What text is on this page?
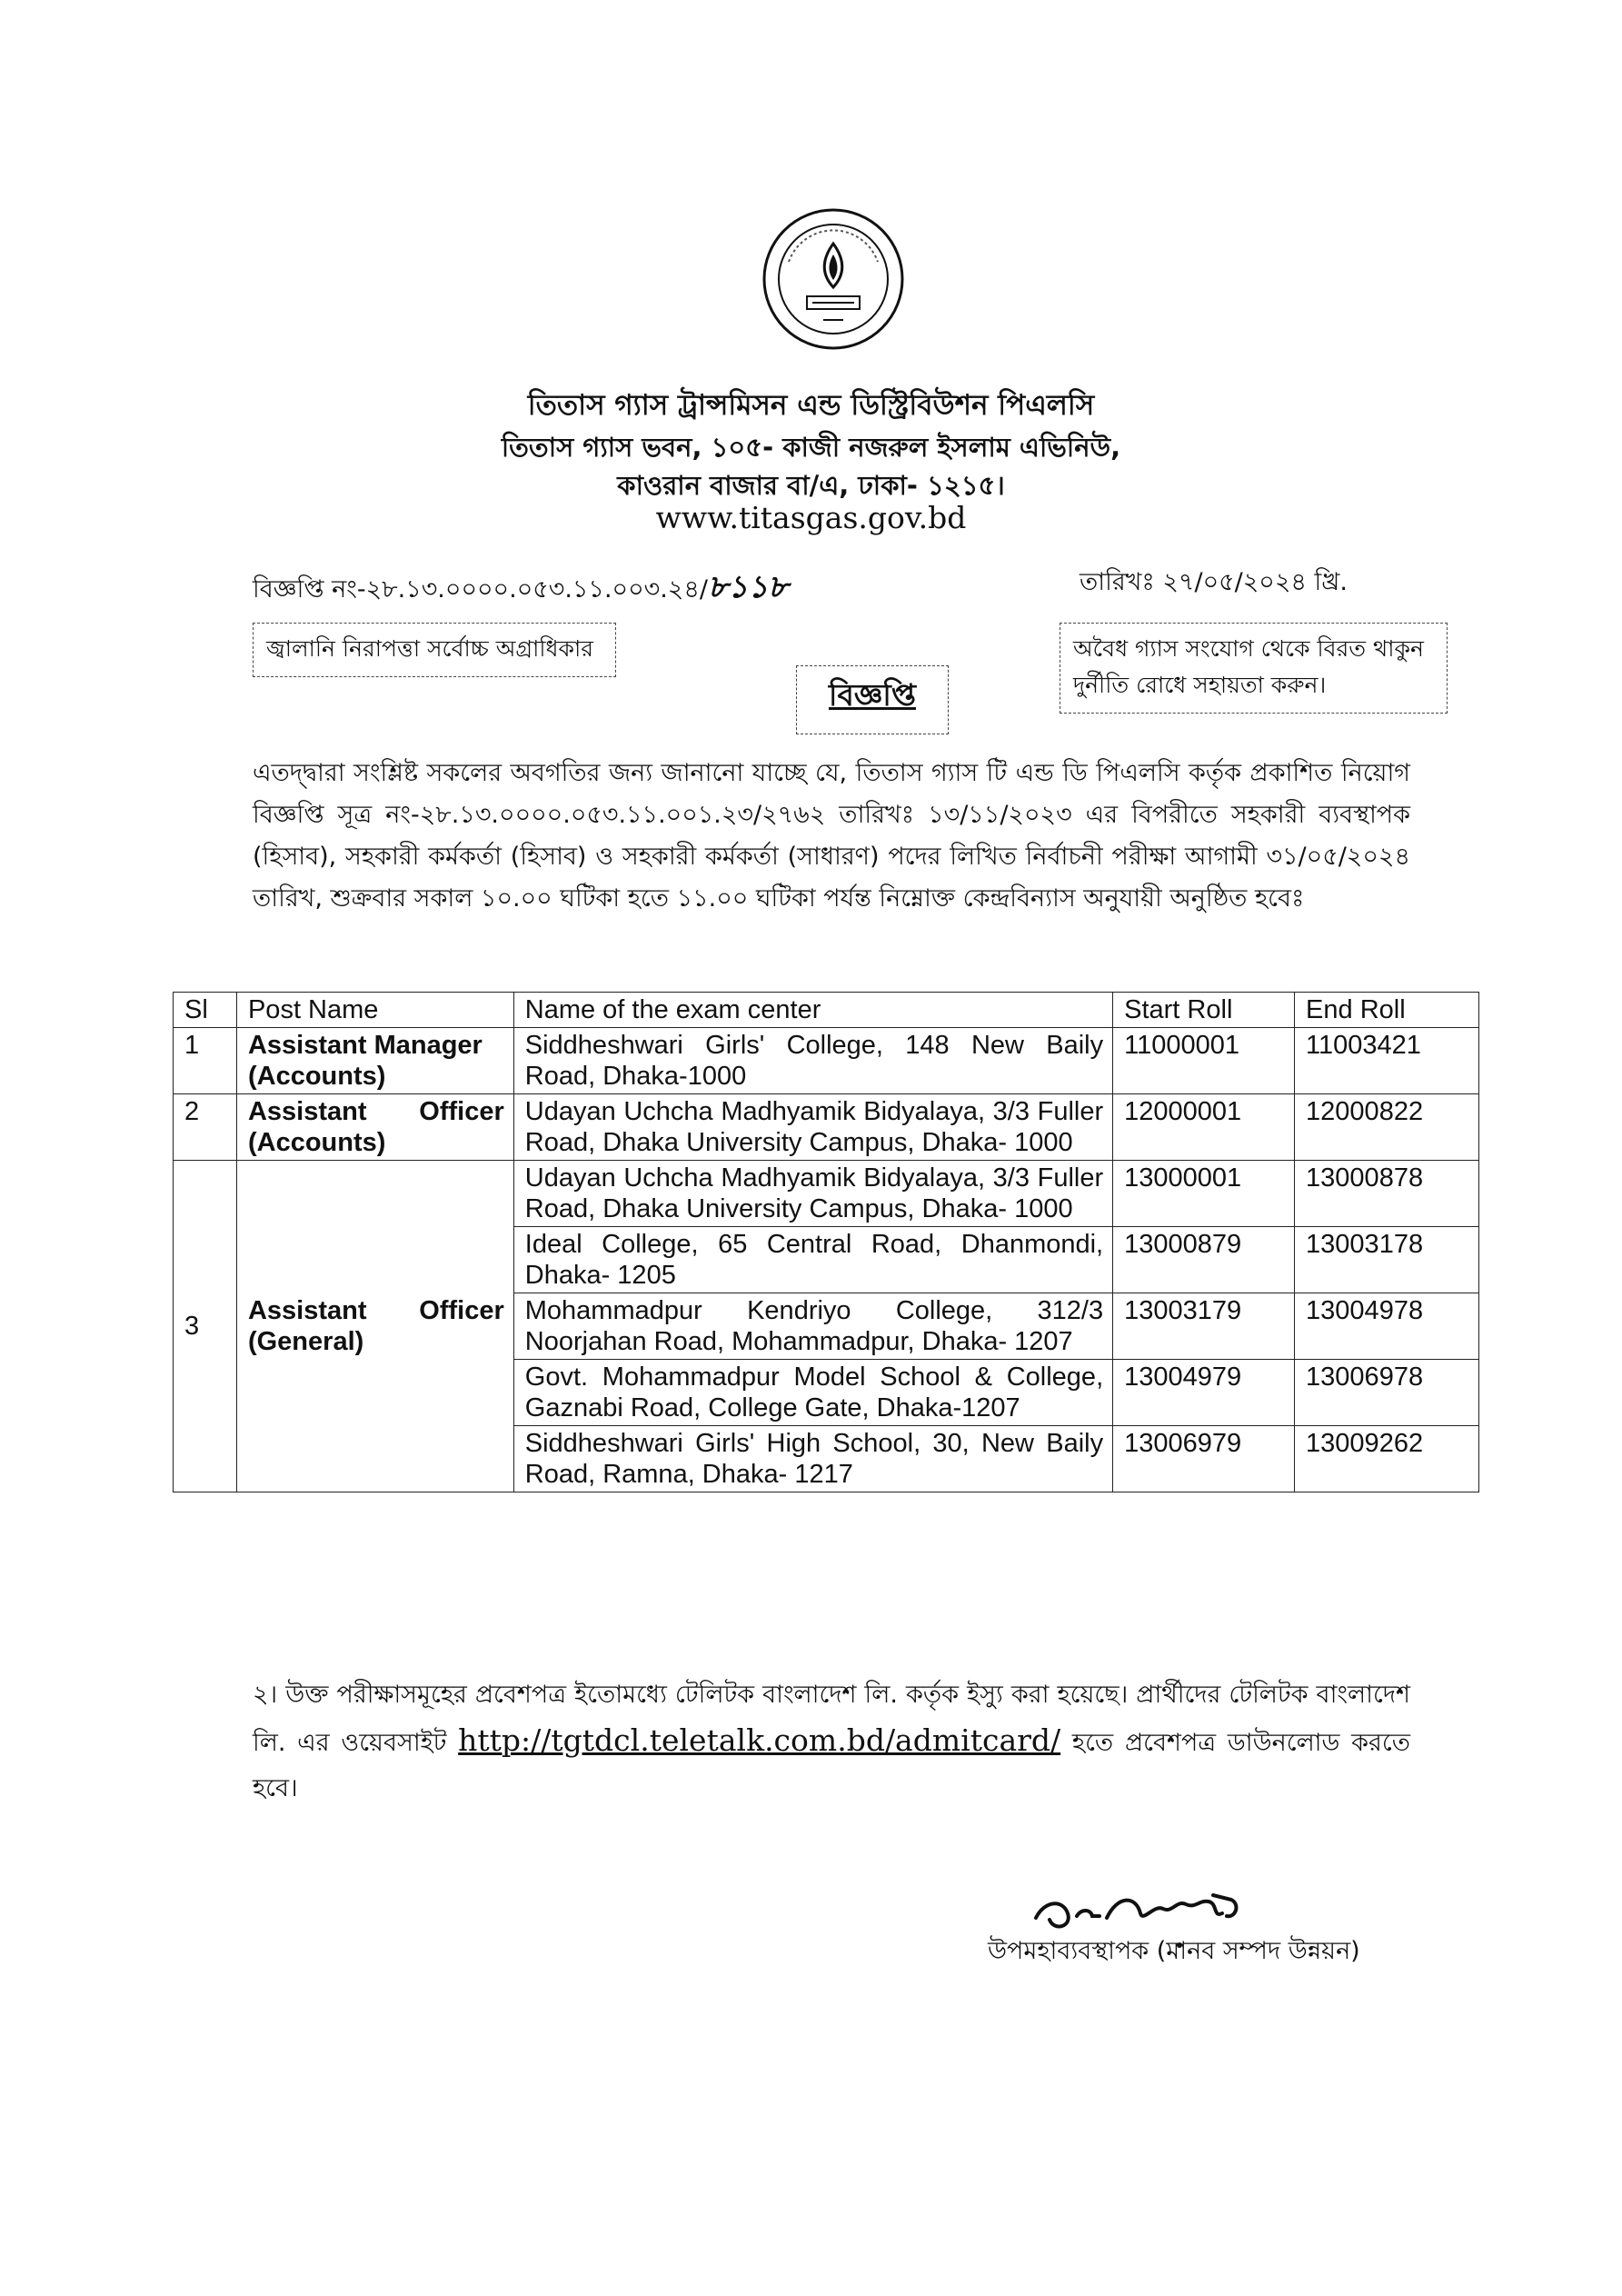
তিতাস গ্যাস ট্রান্সমিসন এন্ড ডিস্ট্রিবিউশন পিএলসি
তিতাস গ্যাস ভবন, ১০৫- কাজী নজরুল ইসলাম এভিনিউ,
কাওরান বাজার বা/এ, ঢাকা- ১২১৫।
www.titasgas.gov.bd
বিজ্ঞপ্তি নং-২৮.১৩.০০০০.০৫৩.১১.০০৩.২৪/৮১১৮	তারিখঃ ২৭/০৫/২০২৪ খ্রি.
জ্বালানি নিরাপত্তা সর্বোচ্চ অগ্রাধিকার	অবৈধ গ্যাস সংযোগ থেকে বিরত থাকুন
দুর্নীতি রোধে সহায়তা করুন।
বিজ্ঞপ্তি
এতদ্দ্বারা সংশ্লিষ্ট সকলের অবগতির জন্য জানানো যাচ্ছে যে, তিতাস গ্যাস টি এন্ড ডি পিএলসি কর্তৃক প্রকাশিত নিয়োগ বিজ্ঞপ্তি সূত্র নং-২৮.১৩.০০০০.০৫৩.১১.০০১.২৩/২৭৬২ তারিখঃ ১৩/১১/২০২৩ এর বিপরীতে সহকারী ব্যবস্থাপক (হিসাব), সহকারী কর্মকর্তা (হিসাব) ও সহকারী কর্মকর্তা (সাধারণ) পদের লিখিত নির্বাচনী পরীক্ষা আগামী ৩১/০৫/২০২৪ তারিখ, শুক্রবার সকাল ১০.০০ ঘটিকা হতে ১১.০০ ঘটিকা পর্যন্ত নিম্নোক্ত কেন্দ্রবিন্যাস অনুযায়ী অনুষ্ঠিত হবেঃ
Sl	Post Name	Name of the exam center	Start Roll	End Roll
1	Assistant Manager (Accounts)	Siddheshwari Girls' College, 148 New Baily Road, Dhaka-1000	11000001	11003421
2	Assistant Officer (Accounts)	Udayan Uchcha Madhyamik Bidyalaya, 3/3 Fuller Road, Dhaka University Campus, Dhaka- 1000	12000001	12000822
3	Assistant Officer (General)	Udayan Uchcha Madhyamik Bidyalaya, 3/3 Fuller Road, Dhaka University Campus, Dhaka- 1000	13000001	13000878
		Ideal College, 65 Central Road, Dhanmondi, Dhaka- 1205	13000879	13003178
		Mohammadpur Kendriyo College, 312/3 Noorjahan Road, Mohammadpur, Dhaka- 1207	13003179	13004978
		Govt. Mohammadpur Model School & College, Gaznabi Road, College Gate, Dhaka-1207	13004979	13006978
		Siddheshwari Girls' High School, 30, New Baily Road, Ramna, Dhaka- 1217	13006979	13009262
২। উক্ত পরীক্ষাসমূহের প্রবেশপত্র ইতোমধ্যে টেলিটক বাংলাদেশ লি. কর্তৃক ইস্যু করা হয়েছে। প্রার্থীদের টেলিটক বাংলাদেশ লি. এর ওয়েবসাইট http://tgtdcl.teletalk.com.bd/admitcard/ হতে প্রবেশপত্র ডাউনলোড করতে হবে।
উপমহাব্যবস্থাপক (মানব সম্পদ উন্নয়ন)
